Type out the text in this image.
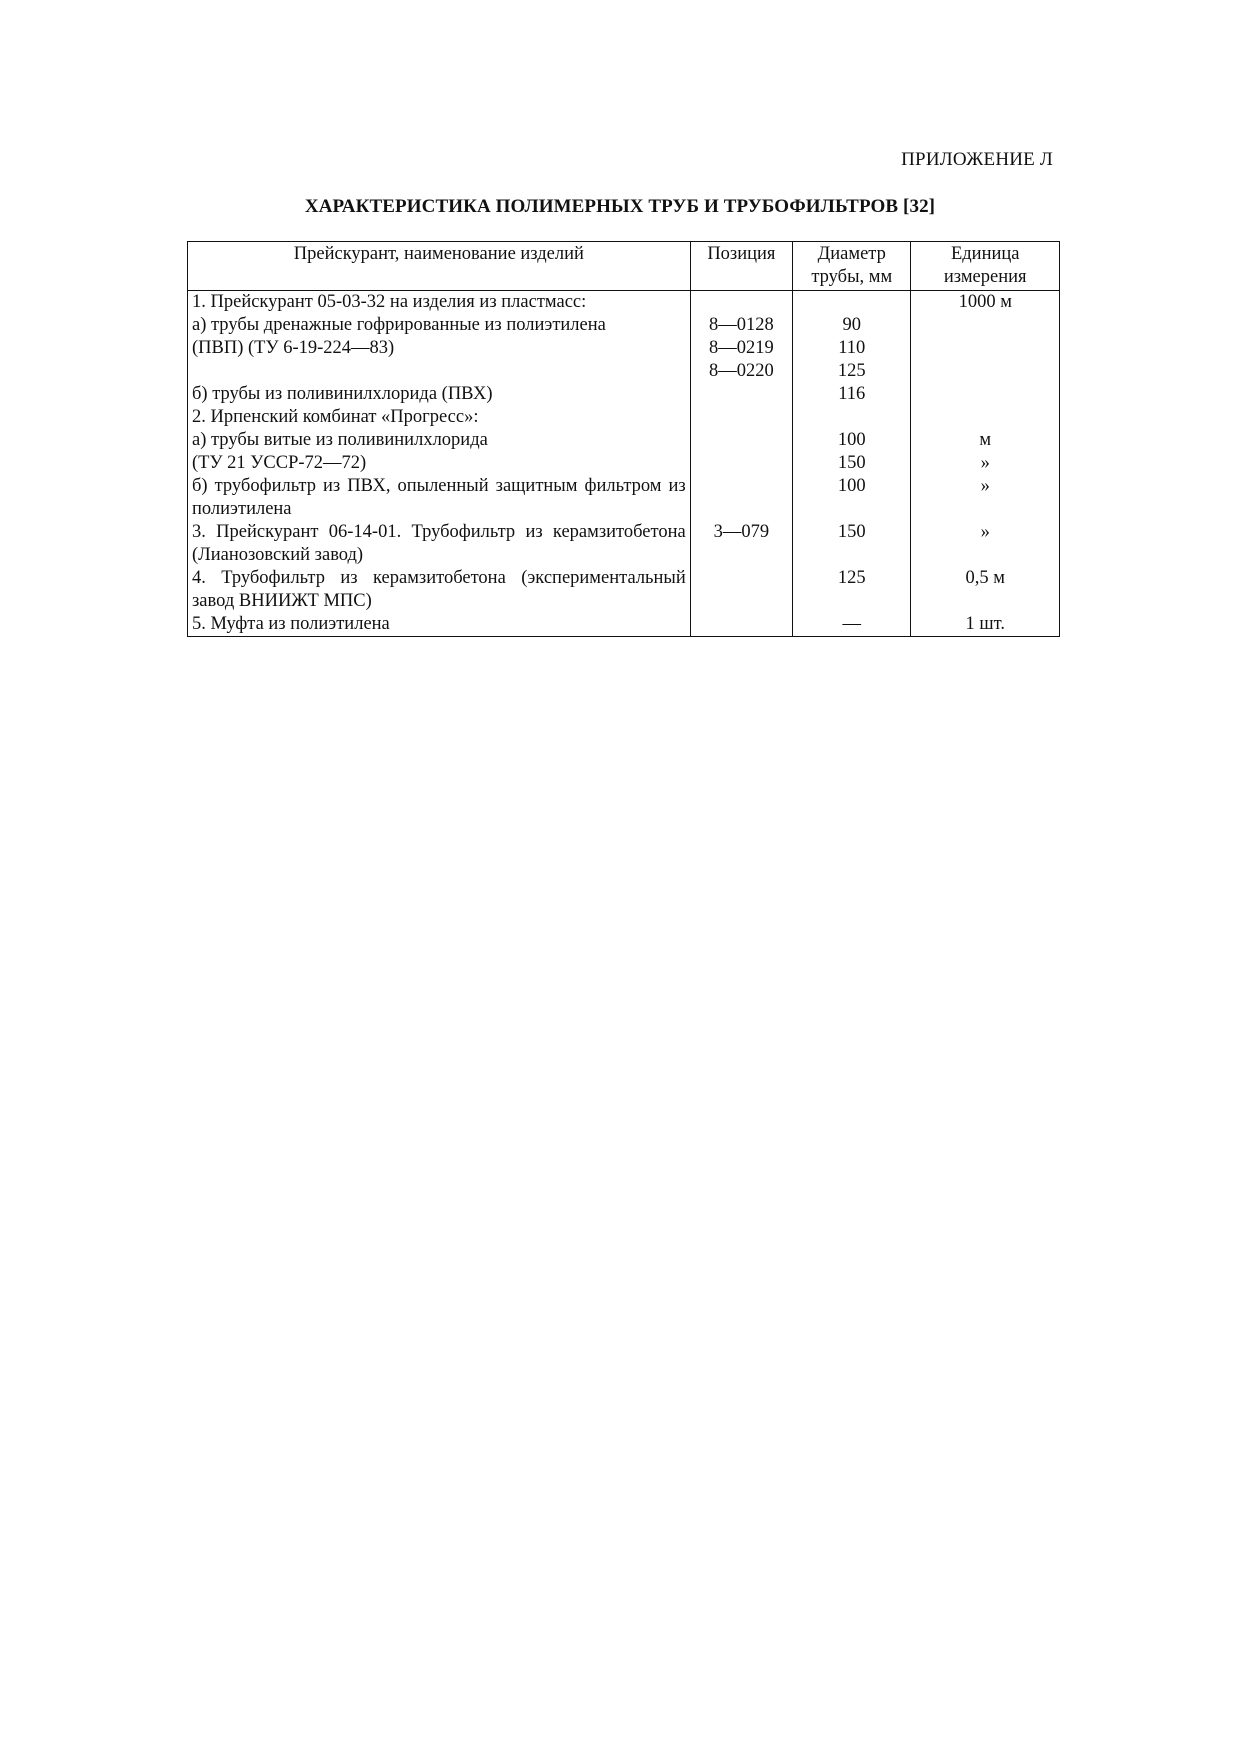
ПРИЛОЖЕНИЕ Л
ХАРАКТЕРИСТИКА ПОЛИМЕРНЫХ ТРУБ И ТРУБОФИЛЬТРОВ [32]
Прейскурант, наименование изделий	Позиция	Диаметр трубы, мм	Единица измерения
1. Прейскурант 05-03-32 на изделия из пластмасс:			1000 м
а) трубы дренажные гофрированные из полиэтилена	8—0128	90	
(ПВП) (ТУ 6-19-224—83)	8—0219	110	
	8—0220	125	
б) трубы из поливинилхлорида (ПВХ)		116	
2. Ирпенский комбинат «Прогресс»:			
а) трубы витые из поливинилхлорида		100	м
(ТУ 21 УССР-72—72)		150	»
б) трубофильтр из ПВХ, опыленный защитным фильтром из полиэтилена		100	»
3. Прейскурант 06-14-01. Трубофильтр из керамзитобетона (Лианозовский завод)	3—079	150	»
4. Трубофильтр из керамзитобетона (экспериментальный завод ВНИИЖТ МПС)		125	0,5 м
5. Муфта из полиэтилена		—	1 шт.
